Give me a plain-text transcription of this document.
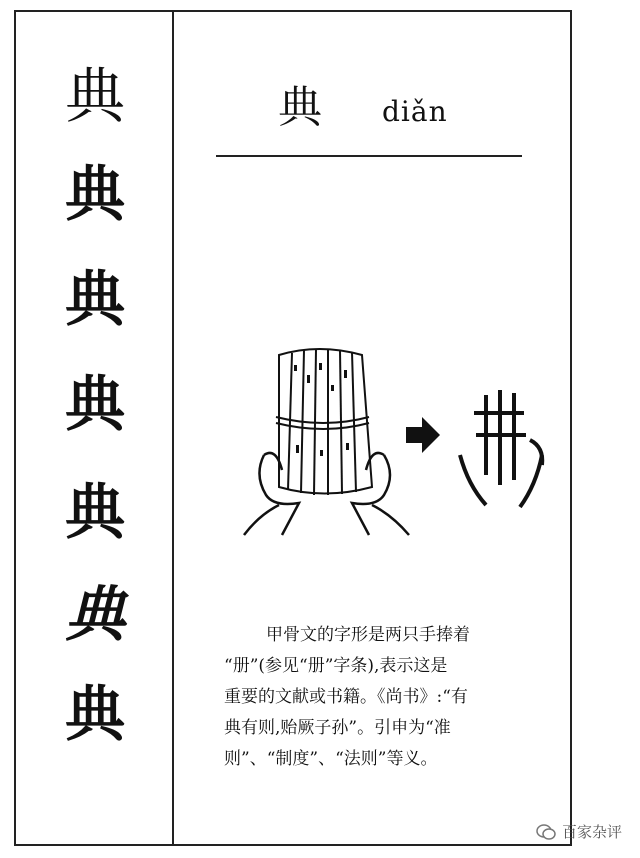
典
典
典
典
典
典
典
典 diǎn

甲骨文的字形是两只手捧着

“册”(参见“册”字条),表示这是

重要的文献或书籍。《尚书》:“有

典有则,贻厥子孙”。引申为“准

则”、“制度”、“法则”等义。

百家杂评
